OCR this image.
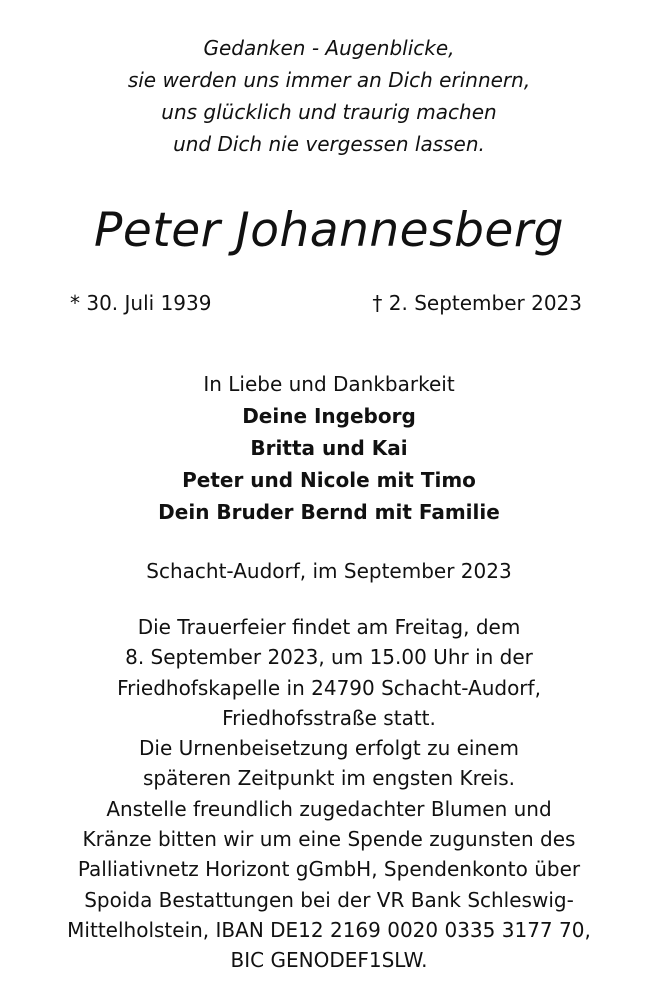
Gedanken - Augenblicke,
sie werden uns immer an Dich erinnern,
uns glücklich und traurig machen
und Dich nie vergessen lassen.
Peter Johannesberg
* 30. Juli 1939	† 2. September 2023
In Liebe und Dankbarkeit
Deine Ingeborg
Britta und Kai
Peter und Nicole mit Timo
Dein Bruder Bernd mit Familie
Schacht-Audorf, im September 2023
Die Trauerfeier findet am Freitag, dem
8. September 2023, um 15.00 Uhr in der
Friedhofskapelle in 24790 Schacht-Audorf,
Friedhofsstraße statt.
Die Urnenbeisetzung erfolgt zu einem
späteren Zeitpunkt im engsten Kreis.
Anstelle freundlich zugedachter Blumen und
Kränze bitten wir um eine Spende zugunsten des
Palliativnetz Horizont gGmbH, Spendenkonto über
Spoida Bestattungen bei der VR Bank Schleswig-
Mittelholstein, IBAN DE12 2169 0020 0335 3177 70,
BIC GENODEF1SLW.
